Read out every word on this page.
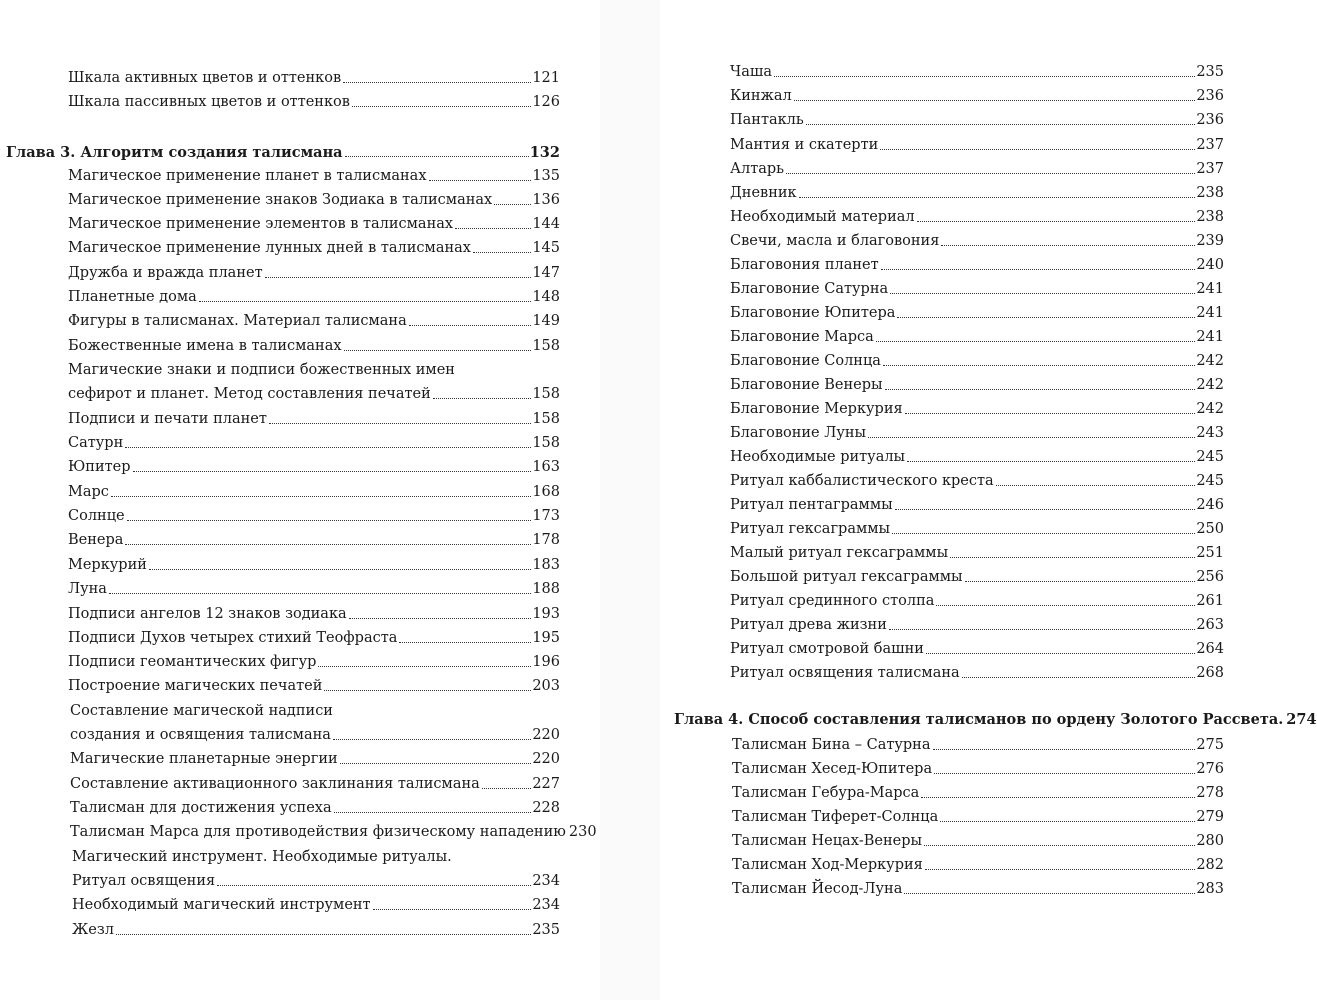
Шкала активных цветов и оттенков	121
Шкала пассивных цветов и оттенков	126
Глава 3. Алгоритм создания талисмана	132
Магическое применение планет в талисманах	135
Магическое применение знаков Зодиака в талисманах	136
Магическое применение элементов в талисманах	144
Магическое применение лунных дней в талисманах	145
Дружба и вражда планет	147
Планетные дома	148
Фигуры в талисманах. Материал талисмана	149
Божественные имена в талисманах	158
Магические знаки и подписи божественных имен
сефирот и планет. Метод составления печатей	158
Подписи и печати планет	158
Сатурн	158
Юпитер	163
Марс	168
Солнце	173
Венера	178
Меркурий	183
Луна	188
Подписи ангелов 12 знаков зодиака	193
Подписи Духов четырех стихий Теофраста	195
Подписи геомантических фигур	196
Построение магических печатей	203
Составление магической надписи
создания и освящения талисмана	220
Магические планетарные энергии	220
Составление активационного заклинания талисмана	227
Талисман для достижения успеха	228
Талисман Марса для противодействия физическому нападению 230
Магический инструмент. Необходимые ритуалы.
Ритуал освящения	234
Необходимый магический инструмент	234
Жезл	235
Чаша	235
Кинжал	236
Пантакль	236
Мантия и скатерти	237
Алтарь	237
Дневник	238
Необходимый материал	238
Свечи, масла и благовония	239
Благовония планет	240
Благовоние Сатурна	241
Благовоние Юпитера	241
Благовоние Марса	241
Благовоние Солнца	242
Благовоние Венеры	242
Благовоние Меркурия	242
Благовоние Луны	243
Необходимые ритуалы	245
Ритуал каббалистического креста	245
Ритуал пентаграммы	246
Ритуал гексаграммы	250
Малый ритуал гексаграммы	251
Большой ритуал гексаграммы	256
Ритуал срединного столпа	261
Ритуал древа жизни	263
Ритуал смотровой башни	264
Ритуал освящения талисмана	268
Глава 4. Способ составления талисманов по ордену Золотого Рассвета. 274
Талисман Бина – Сатурна	275
Талисман Хесед-Юпитера	276
Талисман Гебура-Марса	278
Талисман Тиферет-Солнца	279
Талисман Нецах-Венеры	280
Талисман Ход-Меркурия	282
Талисман Йесод-Луна	283
